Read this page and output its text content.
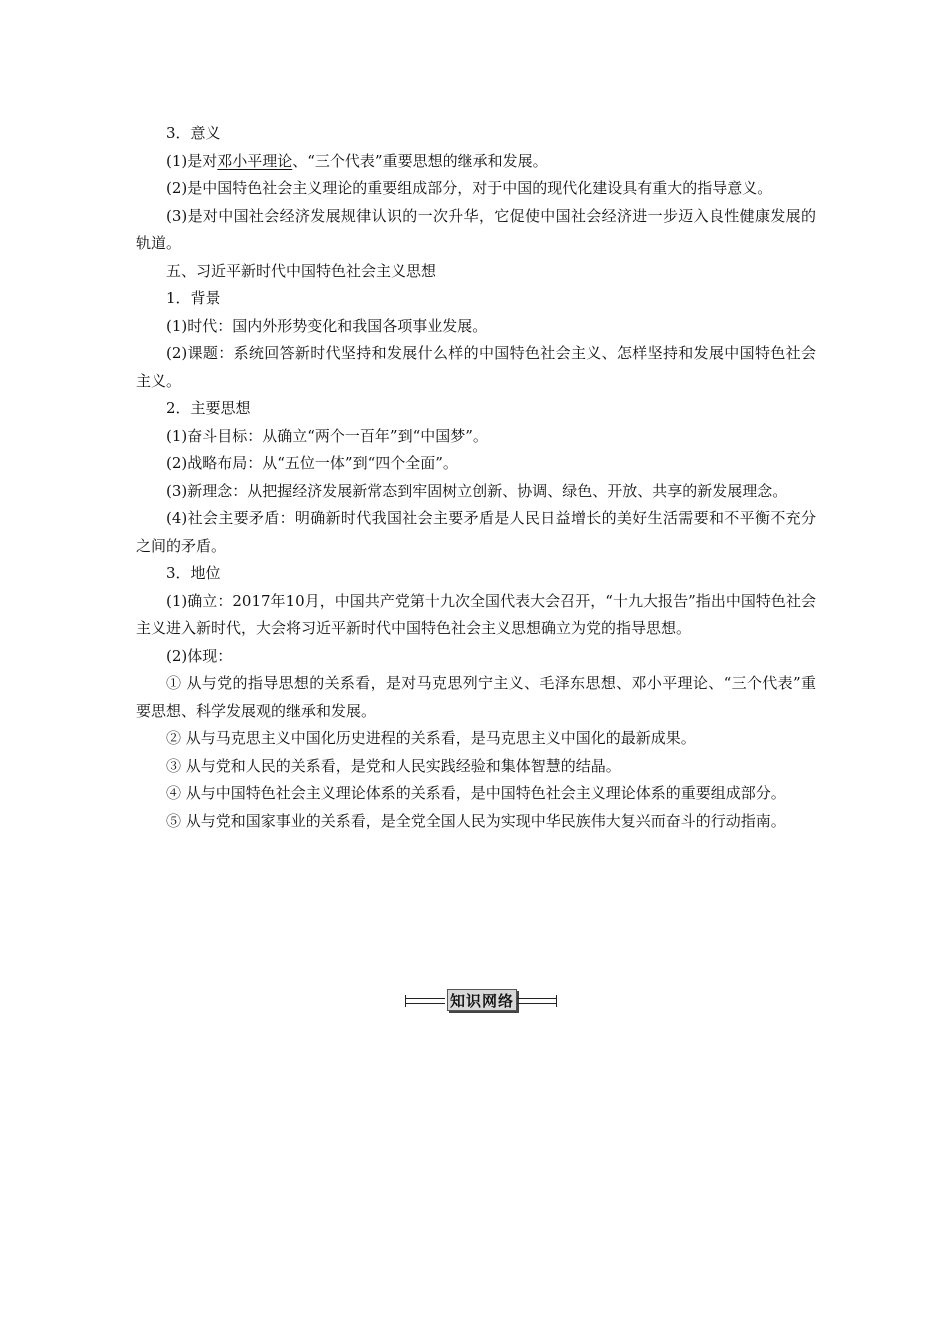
3．意义

(1)是对邓小平理论、“三个代表”重要思想的继承和发展。

(2)是中国特色社会主义理论的重要组成部分，对于中国的现代化建设具有重大的指导意义。

(3)是对中国社会经济发展规律认识的一次升华，它促使中国社会经济进一步迈入良性健康发展的轨道。

五、习近平新时代中国特色社会主义思想

1．背景

(1)时代：国内外形势变化和我国各项事业发展。

(2)课题：系统回答新时代坚持和发展什么样的中国特色社会主义、怎样坚持和发展中国特色社会主义。

2．主要思想

(1)奋斗目标：从确立“两个一百年”到“中国梦”。

(2)战略布局：从“五位一体”到“四个全面”。

(3)新理念：从把握经济发展新常态到牢固树立创新、协调、绿色、开放、共享的新发展理念。

(4)社会主要矛盾：明确新时代我国社会主要矛盾是人民日益增长的美好生活需要和不平衡不充分之间的矛盾。

3．地位

(1)确立：2017年10月，中国共产党第十九次全国代表大会召开，“十九大报告”指出中国特色社会主义进入新时代，大会将习近平新时代中国特色社会主义思想确立为党的指导思想。

(2)体现：

① 从与党的指导思想的关系看，是对马克思列宁主义、毛泽东思想、邓小平理论、“三个代表”重要思想、科学发展观的继承和发展。

② 从与马克思主义中国化历史进程的关系看，是马克思主义中国化的最新成果。

③ 从与党和人民的关系看，是党和人民实践经验和集体智慧的结晶。

④ 从与中国特色社会主义理论体系的关系看，是中国特色社会主义理论体系的重要组成部分。

⑤ 从与党和国家事业的关系看，是全党全国人民为实现中华民族伟大复兴而奋斗的行动指南。

知识网络
